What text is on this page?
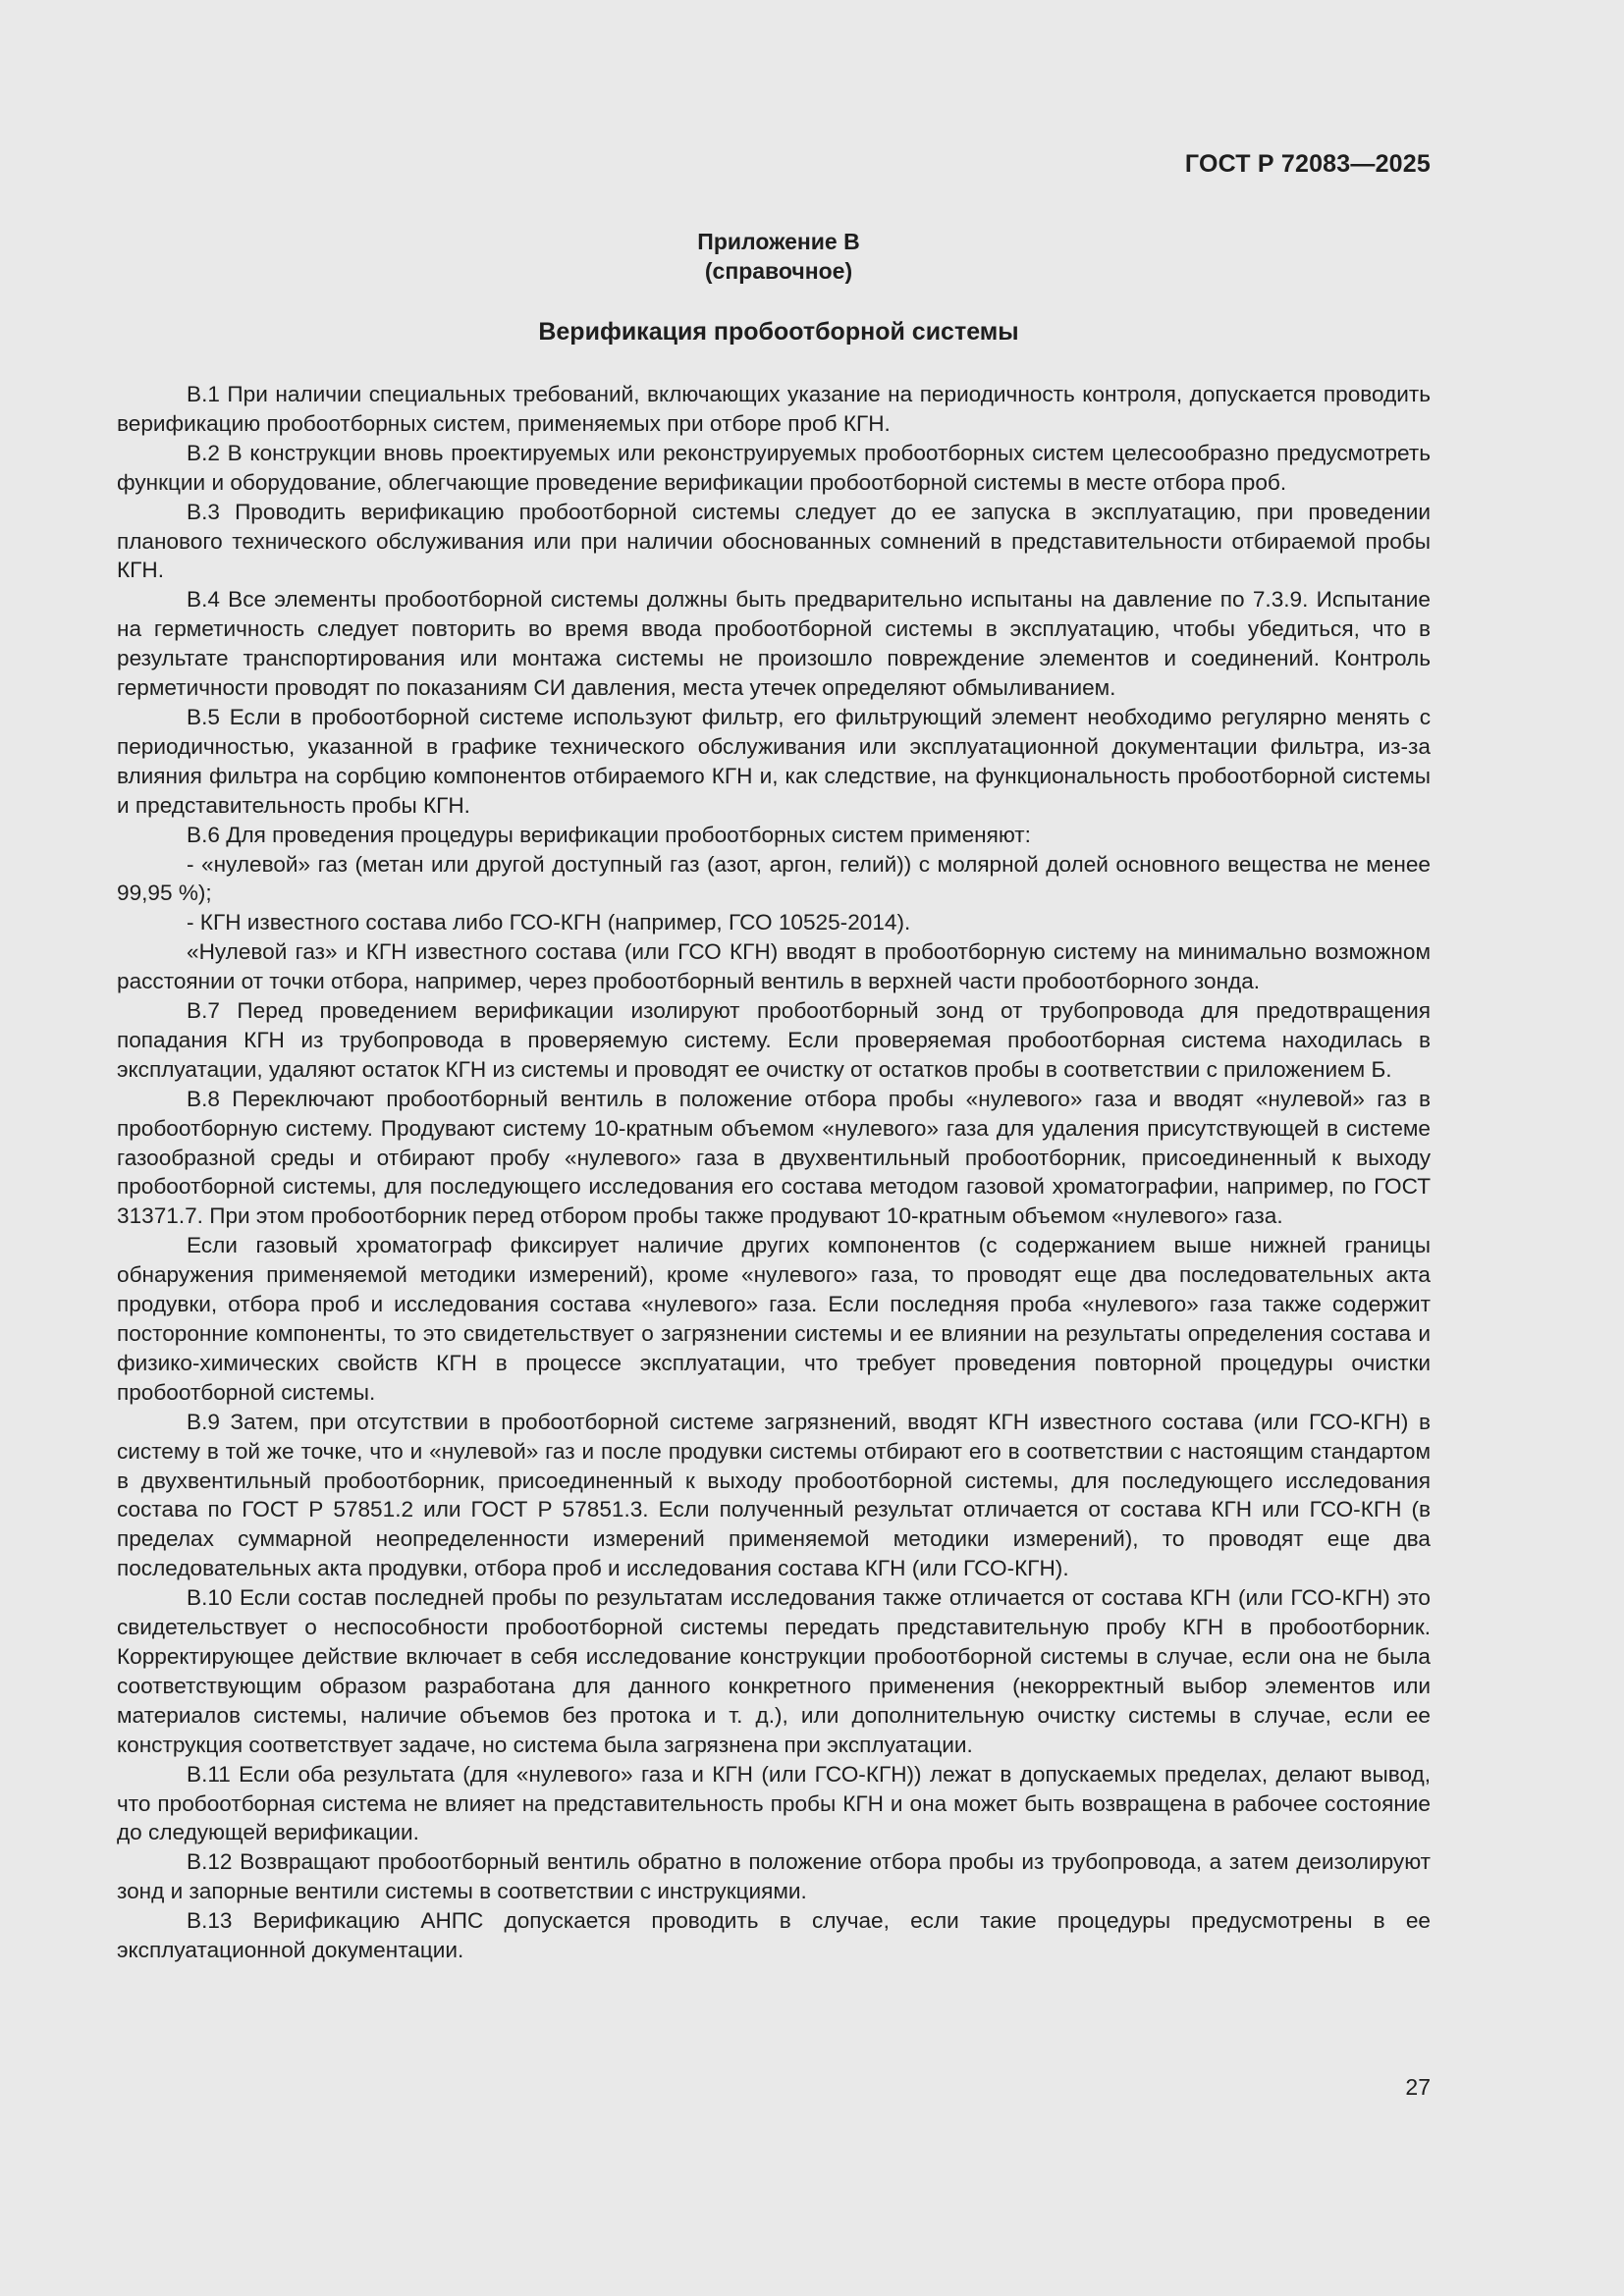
ГОСТ Р 72083—2025
Приложение В
(справочное)
Верификация пробоотборной системы

В.1 При наличии специальных требований, включающих указание на периодичность контроля, допускается проводить верификацию пробоотборных систем, применяемых при отборе проб КГН.

В.2 В конструкции вновь проектируемых или реконструируемых пробоотборных систем целесообразно предусмотреть функции и оборудование, облегчающие проведение верификации пробоотборной системы в месте отбора проб.

В.3 Проводить верификацию пробоотборной системы следует до ее запуска в эксплуатацию, при проведении планового технического обслуживания или при наличии обоснованных сомнений в представительности отбираемой пробы КГН.

В.4 Все элементы пробоотборной системы должны быть предварительно испытаны на давление по 7.3.9. Испытание на герметичность следует повторить во время ввода пробоотборной системы в эксплуатацию, чтобы убедиться, что в результате транспортирования или монтажа системы не произошло повреждение элементов и соединений. Контроль герметичности проводят по показаниям СИ давления, места утечек определяют обмыливанием.

В.5 Если в пробоотборной системе используют фильтр, его фильтрующий элемент необходимо регулярно менять с периодичностью, указанной в графике технического обслуживания или эксплуатационной документации фильтра, из-за влияния фильтра на сорбцию компонентов отбираемого КГН и, как следствие, на функциональность пробоотборной системы и представительность пробы КГН.

В.6 Для проведения процедуры верификации пробоотборных систем применяют:

- «нулевой» газ (метан или другой доступный газ (азот, аргон, гелий)) с молярной долей основного вещества не менее 99,95 %);

- КГН известного состава либо ГСО-КГН (например, ГСО 10525-2014).

«Нулевой газ» и КГН известного состава (или ГСО КГН) вводят в пробоотборную систему на минимально возможном расстоянии от точки отбора, например, через пробоотборный вентиль в верхней части пробоотборного зонда.

В.7 Перед проведением верификации изолируют пробоотборный зонд от трубопровода для предотвращения попадания КГН из трубопровода в проверяемую систему. Если проверяемая пробоотборная система находилась в эксплуатации, удаляют остаток КГН из системы и проводят ее очистку от остатков пробы в соответствии с приложением Б.

В.8 Переключают пробоотборный вентиль в положение отбора пробы «нулевого» газа и вводят «нулевой» газ в пробоотборную систему. Продувают систему 10-кратным объемом «нулевого» газа для удаления присутствующей в системе газообразной среды и отбирают пробу «нулевого» газа в двухвентильный пробоотборник, присоединенный к выходу пробоотборной системы, для последующего исследования его состава методом газовой хроматографии, например, по ГОСТ 31371.7. При этом пробоотборник перед отбором пробы также продувают 10-кратным объемом «нулевого» газа.

Если газовый хроматограф фиксирует наличие других компонентов (с содержанием выше нижней границы обнаружения применяемой методики измерений), кроме «нулевого» газа, то проводят еще два последовательных акта продувки, отбора проб и исследования состава «нулевого» газа. Если последняя проба «нулевого» газа также содержит посторонние компоненты, то это свидетельствует о загрязнении системы и ее влиянии на результаты определения состава и физико-химических свойств КГН в процессе эксплуатации, что требует проведения повторной процедуры очистки пробоотборной системы.

В.9 Затем, при отсутствии в пробоотборной системе загрязнений, вводят КГН известного состава (или ГСО-КГН) в систему в той же точке, что и «нулевой» газ и после продувки системы отбирают его в соответствии с настоящим стандартом в двухвентильный пробоотборник, присоединенный к выходу пробоотборной системы, для последующего исследования состава по ГОСТ Р 57851.2 или ГОСТ Р 57851.3. Если полученный результат отличается от состава КГН или ГСО-КГН (в пределах суммарной неопределенности измерений применяемой методики измерений), то проводят еще два последовательных акта продувки, отбора проб и исследования состава КГН (или ГСО-КГН).

В.10 Если состав последней пробы по результатам исследования также отличается от состава КГН (или ГСО-КГН) это свидетельствует о неспособности пробоотборной системы передать представительную пробу КГН в пробоотборник. Корректирующее действие включает в себя исследование конструкции пробоотборной системы в случае, если она не была соответствующим образом разработана для данного конкретного применения (некорректный выбор элементов или материалов системы, наличие объемов без протока и т. д.), или дополнительную очистку системы в случае, если ее конструкция соответствует задаче, но система была загрязнена при эксплуатации.

В.11 Если оба результата (для «нулевого» газа и КГН (или ГСО-КГН)) лежат в допускаемых пределах, делают вывод, что пробоотборная система не влияет на представительность пробы КГН и она может быть возвращена в рабочее состояние до следующей верификации.

В.12 Возвращают пробоотборный вентиль обратно в положение отбора пробы из трубопровода, а затем деизолируют зонд и запорные вентили системы в соответствии с инструкциями.

В.13 Верификацию АНПС допускается проводить в случае, если такие процедуры предусмотрены в ее эксплуатационной документации.

27
